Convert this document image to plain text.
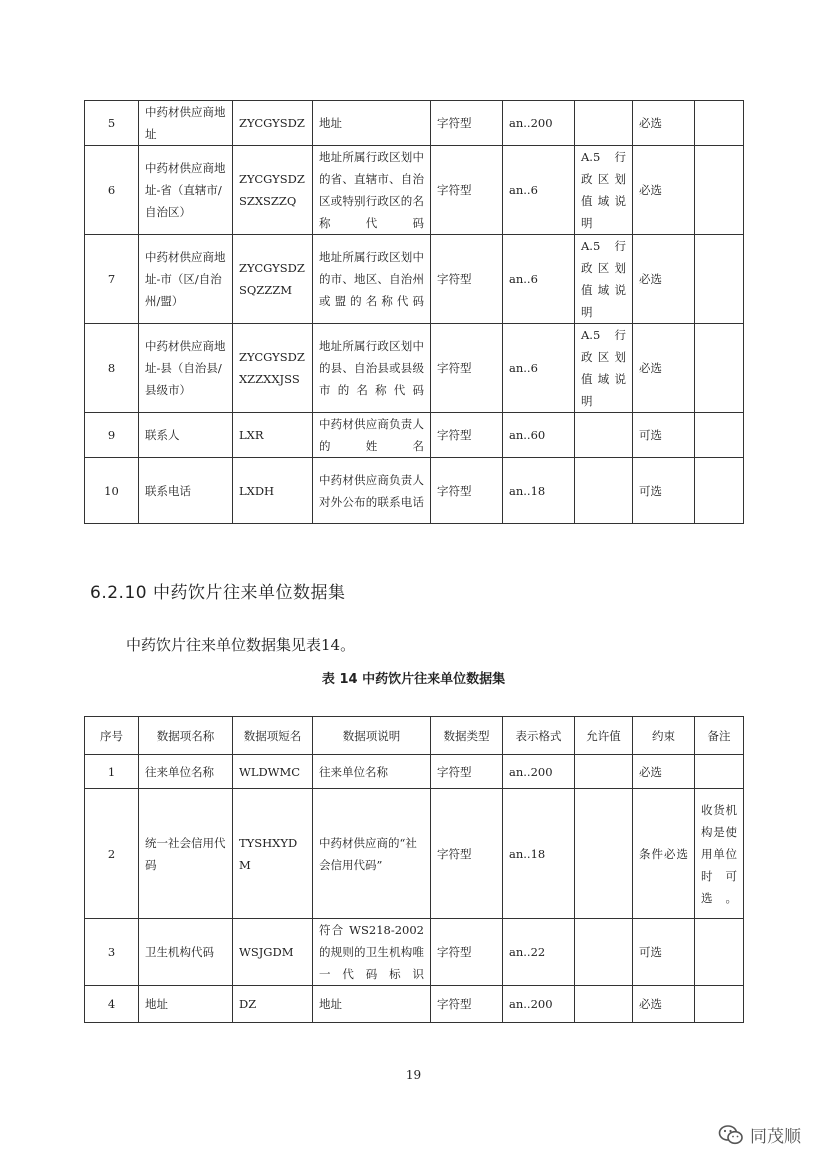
5	中药材供应商地址	ZYCGYSDZ	地址	字符型	an..200		必选	
6	中药材供应商地址-省（直辖市/自治区）	ZYCGYSDZSZXSZZQ	地址所属行政区划中的省、直辖市、自治区或特别行政区的名称代码	字符型	an..6	A.5 行政区划值域说明	必选	
7	中药材供应商地址-市（区/自治州/盟）	ZYCGYSDZSQZZZM	地址所属行政区划中的市、地区、自治州或盟的名称代码	字符型	an..6	A.5 行政区划值域说明	必选	
8	中药材供应商地址-县（自治县/县级市）	ZYCGYSDZXZZXXJSS	地址所属行政区划中的县、自治县或县级市的名称代码	字符型	an..6	A.5 行政区划值域说明	必选	
9	联系人	LXR	中药材供应商负责人的姓名	字符型	an..60		可选	
10	联系电话	LXDH	中药材供应商负责人对外公布的联系电话	字符型	an..18		可选	
6.2.10 中药饮片往来单位数据集

中药饮片往来单位数据集见表14。

表 14 中药饮片往来单位数据集
序号	数据项名称	数据项短名	数据项说明	数据类型	表示格式	允许值	约束	备注
1	往来单位名称	WLDWMC	往来单位名称	字符型	an..200		必选	
2	统一社会信用代码	TYSHXYDM	中药材供应商的“社会信用代码”	字符型	an..18		条件必选	收货机构是使用单位时可选。
3	卫生机构代码	WSJGDM	符合 WS218-2002 的规则的卫生机构唯一代码标识	字符型	an..22		可选	
4	地址	DZ	地址	字符型	an..200		必选	
19
同茂顺
